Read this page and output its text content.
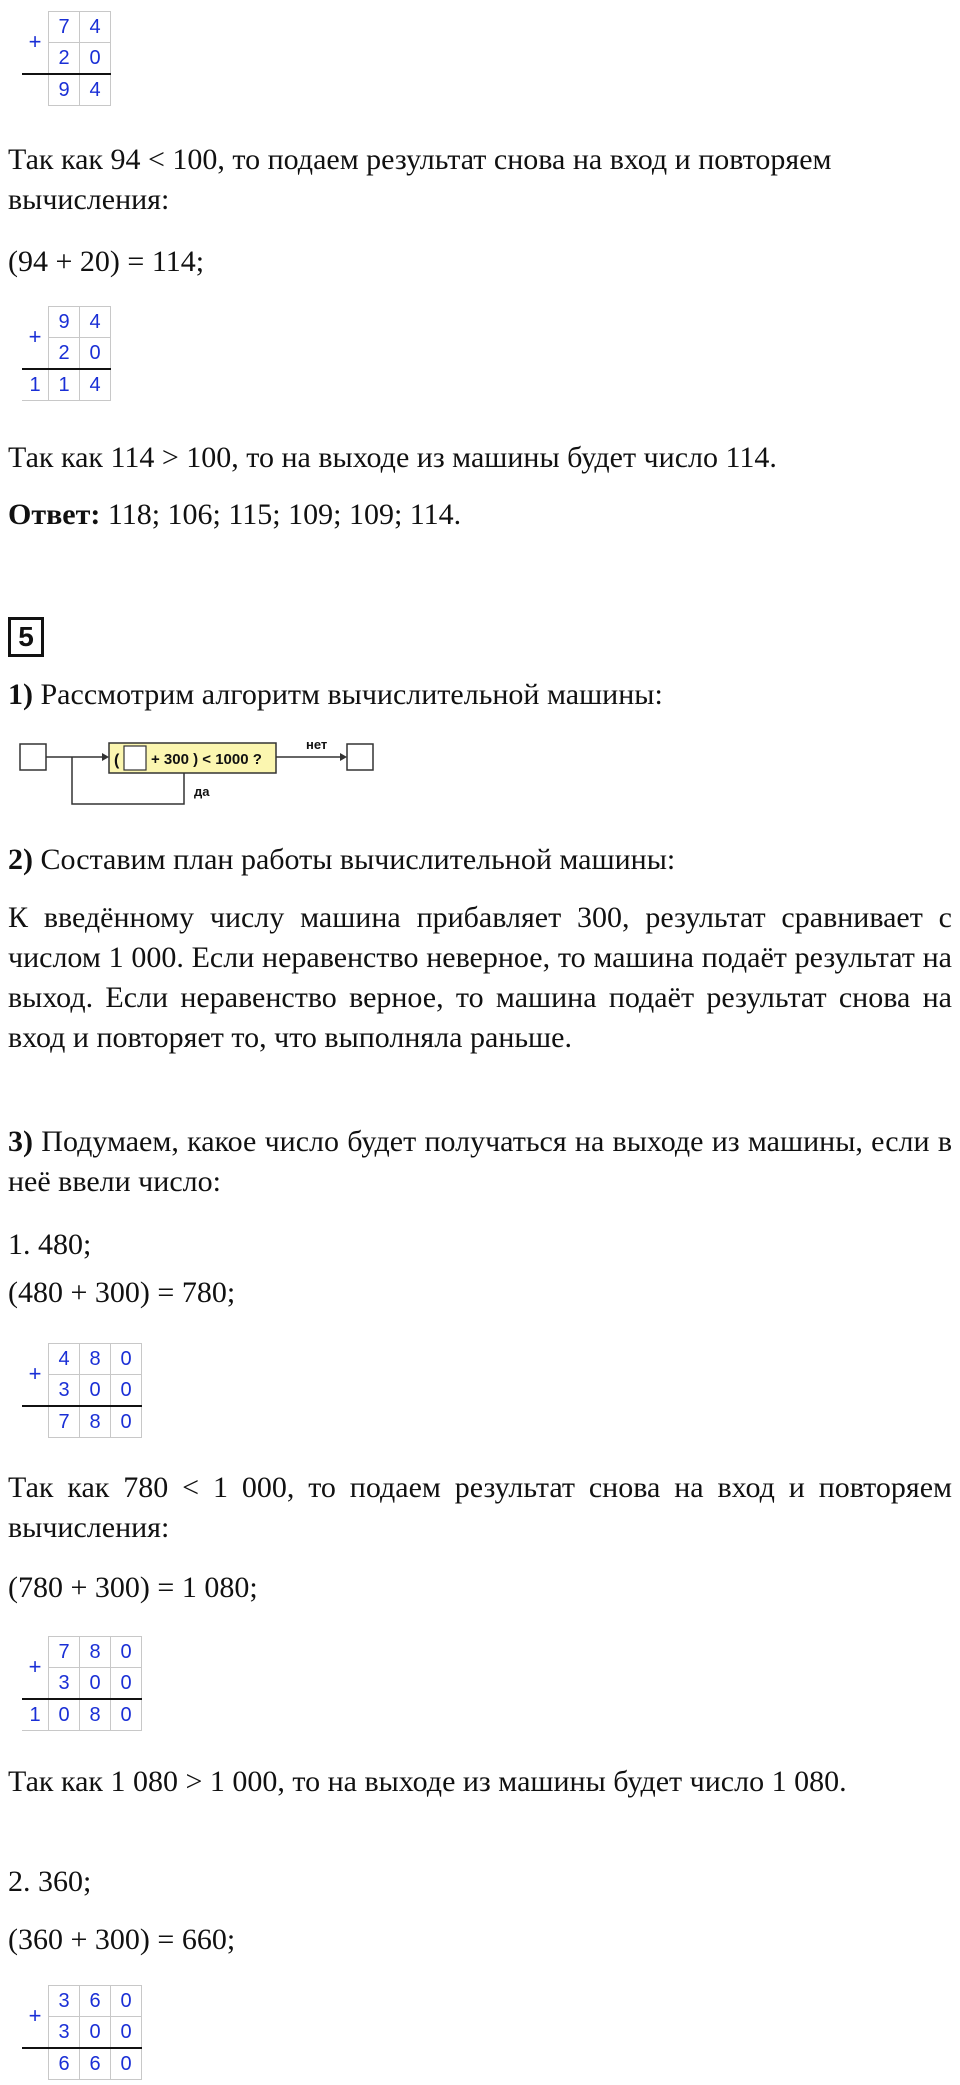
+	7	4
	2	0
	9	4

Так как 94 < 100, то подаем результат снова на вход и повторяем вычисления:

(94 + 20) = 114;

+	9	4
	2	0
1	1	4

Так как 114 > 100, то на выходе из машины будет число 114.

Ответ: 118; 106; 115; 109; 109; 114.

5

1) Рассмотрим алгоритм вычислительной машины:

( + 300 ) < 1000 ?
нет
да

2) Составим план работы вычислительной машины:

К введённому числу машина прибавляет 300, результат сравнивает с числом 1 000. Если неравенство неверное, то машина подаёт результат на выход. Если неравенство верное, то машина подаёт результат снова на вход и повторяет то, что выполняла раньше.

3) Подумаем, какое число будет получаться на выходе из машины, если в неё ввели число:

1. 480;

(480 + 300) = 780;

+	4	8	0
	3	0	0
	7	8	0

Так как 780 < 1 000, то подаем результат снова на вход и повторяем вычисления:

(780 + 300) = 1 080;

+	7	8	0
	3	0	0
1	0	8	0

Так как 1 080 > 1 000, то на выходе из машины будет число 1 080.

2. 360;

(360 + 300) = 660;

+	3	6	0
	3	0	0
	6	6	0
